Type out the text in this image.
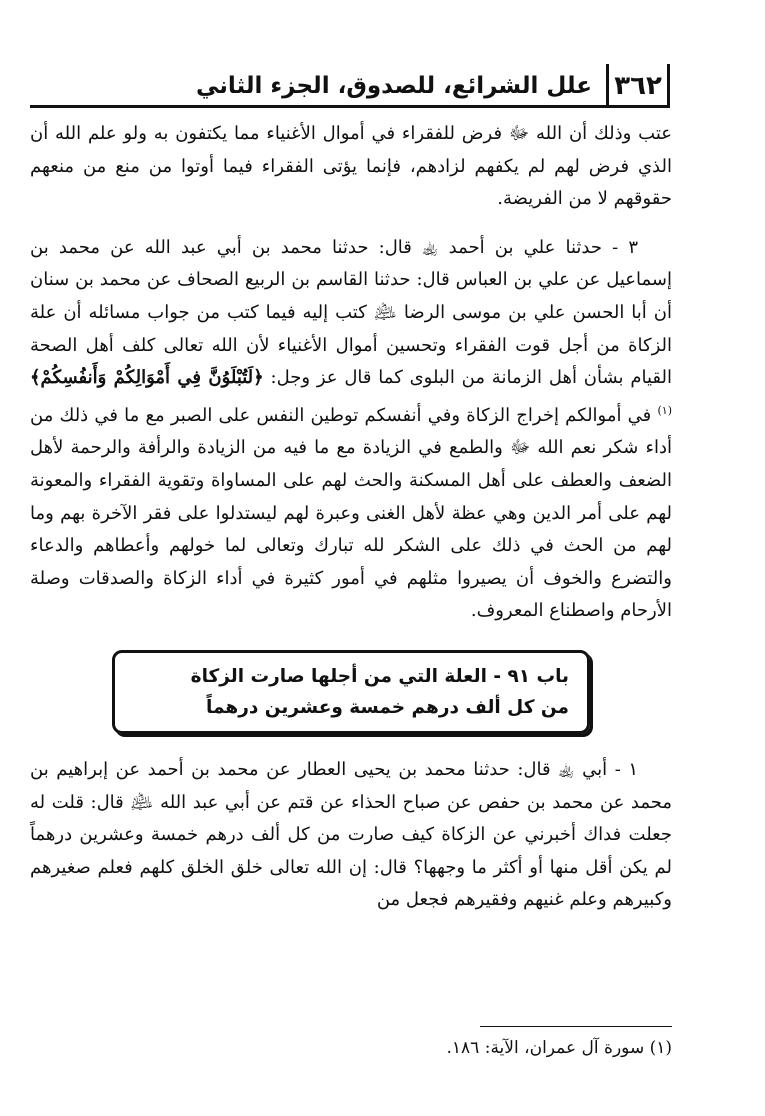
٣٦٢
علل الشرائع، للصدوق، الجزء الثاني

عتب وذلك أن الله ﷻ فرض للفقراء في أموال الأغنياء مما يكتفون به ولو علم الله أن الذي فرض لهم لم يكفهم لزادهم، فإنما يؤتى الفقراء فيما أوتوا من منع من منعهم حقوقهم لا من الفريضة.

٣ - حدثنا علي بن أحمد ﵀ قال: حدثنا محمد بن أبي عبد الله عن محمد بن إسماعيل عن علي بن العباس قال: حدثنا القاسم بن الربيع الصحاف عن محمد بن سنان أن أبا الحسن علي بن موسى الرضا ﵇ كتب إليه فيما كتب من جواب مسائله أن علة الزكاة من أجل قوت الفقراء وتحسين أموال الأغنياء لأن الله تعالى كلف أهل الصحة القيام بشأن أهل الزمانة من البلوى كما قال عز وجل: ﴿لَتُبْلَوُنَّ فِي أَمْوَالِكُمْ وَأَنفُسِكُمْ﴾$^{(١)}$ في أموالكم إخراج الزكاة وفي أنفسكم توطين النفس على الصبر مع ما في ذلك من أداء شكر نعم الله ﷻ والطمع في الزيادة مع ما فيه من الزيادة والرأفة والرحمة لأهل الضعف والعطف على أهل المسكنة والحث لهم على المساواة وتقوية الفقراء والمعونة لهم على أمر الدين وهي عظة لأهل الغنى وعبرة لهم ليستدلوا على فقر الآخرة بهم وما لهم من الحث في ذلك على الشكر لله تبارك وتعالى لما خولهم وأعطاهم والدعاء والتضرع والخوف أن يصيروا مثلهم في أمور كثيرة في أداء الزكاة والصدقات وصلة الأرحام واصطناع المعروف.

باب ٩١ - العلة التي من أجلها صارت الزكاة
من كل ألف درهم خمسة وعشرين درهماً

١ - أبي ﵀ قال: حدثنا محمد بن يحيى العطار عن محمد بن أحمد عن إبراهيم بن محمد عن محمد بن حفص عن صباح الحذاء عن قتم عن أبي عبد الله ﵇ قال: قلت له جعلت فداك أخبرني عن الزكاة كيف صارت من كل ألف درهم خمسة وعشرين درهماً لم يكن أقل منها أو أكثر ما وجهها؟ قال: إن الله تعالى خلق الخلق كلهم فعلم صغيرهم وكبيرهم وعلم غنيهم وفقيرهم فجعل من

(١) سورة آل عمران، الآية: ١٨٦.
